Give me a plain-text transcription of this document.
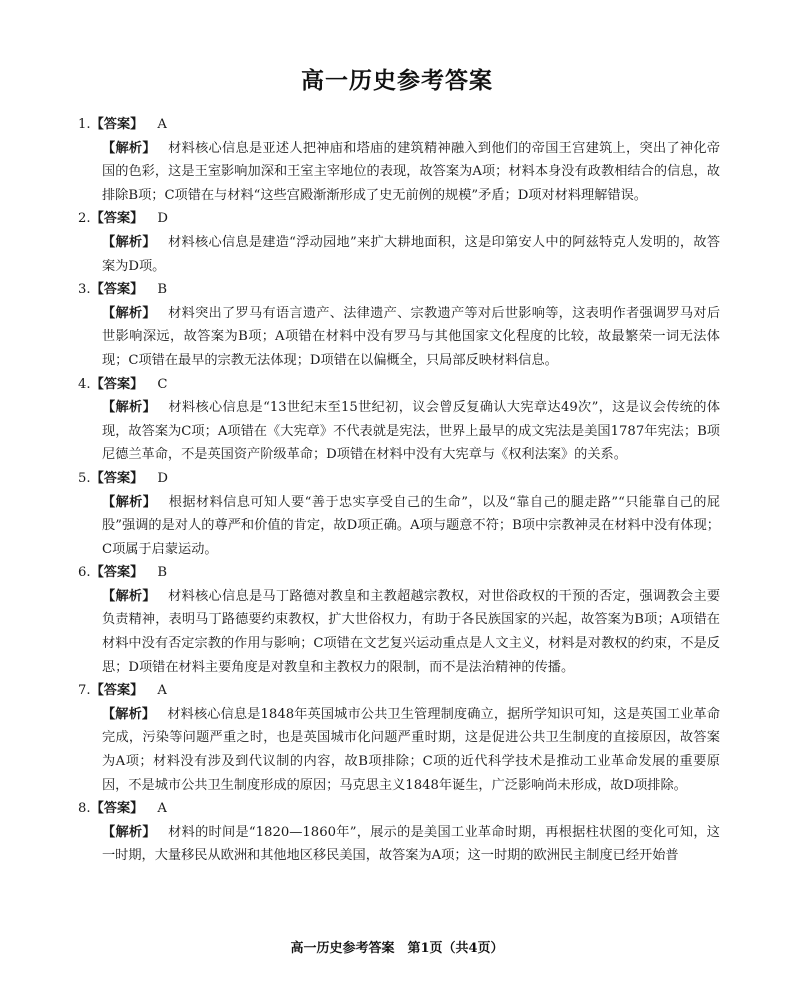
高一历史参考答案
1.【答案】 A
【解析】 材料核心信息是亚述人把神庙和塔庙的建筑精神融入到他们的帝国王宫建筑上，突出了神化帝国的色彩，这是王室影响加深和王室主宰地位的表现，故答案为A项；材料本身没有政教相结合的信息，故排除B项；C项错在与材料“这些宫殿渐渐形成了史无前例的规模”矛盾；D项对材料理解错误。
2.【答案】 D
【解析】 材料核心信息是建造“浮动园地”来扩大耕地面积，这是印第安人中的阿兹特克人发明的，故答案为D项。
3.【答案】 B
【解析】 材料突出了罗马有语言遗产、法律遗产、宗教遗产等对后世影响等，这表明作者强调罗马对后世影响深远，故答案为B项；A项错在材料中没有罗马与其他国家文化程度的比较，故最繁荣一词无法体现；C项错在最早的宗教无法体现；D项错在以偏概全，只局部反映材料信息。
4.【答案】 C
【解析】 材料核心信息是“13世纪末至15世纪初，议会曾反复确认大宪章达49次”，这是议会传统的体现，故答案为C项；A项错在《大宪章》不代表就是宪法，世界上最早的成文宪法是美国1787年宪法；B项尼德兰革命，不是英国资产阶级革命；D项错在材料中没有大宪章与《权利法案》的关系。
5.【答案】 D
【解析】 根据材料信息可知人要“善于忠实享受自己的生命”，以及“靠自己的腿走路”“只能靠自己的屁股”强调的是对人的尊严和价值的肯定，故D项正确。A项与题意不符；B项中宗教神灵在材料中没有体现；C项属于启蒙运动。
6.【答案】 B
【解析】 材料核心信息是马丁路德对教皇和主教超越宗教权，对世俗政权的干预的否定，强调教会主要负责精神，表明马丁路德要约束教权，扩大世俗权力，有助于各民族国家的兴起，故答案为B项；A项错在材料中没有否定宗教的作用与影响；C项错在文艺复兴运动重点是人文主义，材料是对教权的约束，不是反思；D项错在材料主要角度是对教皇和主教权力的限制，而不是法治精神的传播。
7.【答案】 A
【解析】 材料核心信息是1848年英国城市公共卫生管理制度确立，据所学知识可知，这是英国工业革命完成，污染等问题严重之时，也是英国城市化问题严重时期，这是促进公共卫生制度的直接原因，故答案为A项；材料没有涉及到代议制的内容，故B项排除；C项的近代科学技术是推动工业革命发展的重要原因，不是城市公共卫生制度形成的原因；马克思主义1848年诞生，广泛影响尚未形成，故D项排除。
8.【答案】 A
【解析】 材料的时间是“1820—1860年”，展示的是美国工业革命时期，再根据柱状图的变化可知，这一时期，大量移民从欧洲和其他地区移民美国，故答案为A项；这一时期的欧洲民主制度已经开始普
高一历史参考答案　第1页（共4页）
